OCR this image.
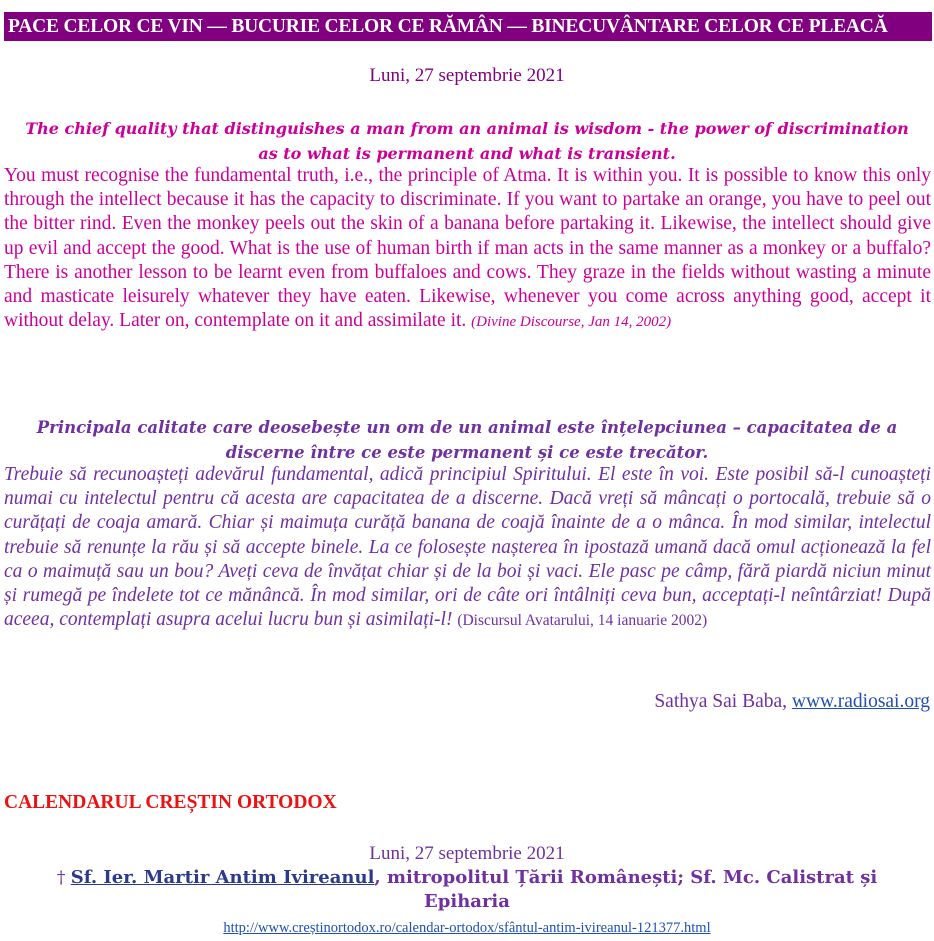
PACE CELOR CE VIN — BUCURIE CELOR CE RĂMÂN — BINECUVÂNTARE CELOR CE PLEACĂ
Luni, 27 septembrie 2021
The chief quality that distinguishes a man from an animal is wisdom - the power of discrimination as to what is permanent and what is transient.
You must recognise the fundamental truth, i.e., the principle of Atma. It is within you. It is possible to know this only through the intellect because it has the capacity to discriminate. If you want to partake an orange, you have to peel out the bitter rind. Even the monkey peels out the skin of a banana before partaking it. Likewise, the intellect should give up evil and accept the good. What is the use of human birth if man acts in the same manner as a monkey or a buffalo? There is another lesson to be learnt even from buffaloes and cows. They graze in the fields without wasting a minute and masticate leisurely whatever they have eaten. Likewise, whenever you come across anything good, accept it without delay. Later on, contemplate on it and assimilate it. (Divine Discourse, Jan 14, 2002)
Principala calitate care deosebește un om de un animal este înțelepciunea – capacitatea de a discerne între ce este permanent și ce este trecător.
Trebuie să recunoașteți adevărul fundamental, adică principiul Spiritului. El este în voi. Este posibil să-l cunoașteți numai cu intelectul pentru că acesta are capacitatea de a discerne. Dacă vreți să mâncați o portocală, trebuie să o curățați de coaja amară. Chiar și maimuța curăță banana de coajă înainte de a o mânca. În mod similar, intelectul trebuie să renunțe la rău și să accepte binele. La ce folosește nașterea în ipostază umană dacă omul acționează la fel ca o maimuță sau un bou? Aveți ceva de învățat chiar și de la boi și vaci. Ele pasc pe câmp, fără piardă niciun minut și rumegă pe îndelete tot ce mănâncă. În mod similar, ori de câte ori întâlniți ceva bun, acceptați-l neîntârziat! După aceea, contemplați asupra acelui lucru bun și asimilați-l! (Discursul Avatarului, 14 ianuarie 2002)
Sathya Sai Baba, www.radiosai.org
CALENDARUL CREȘTIN ORTODOX
Luni, 27 septembrie 2021
† Sf. Ier. Martir Antim Ivireanul, mitropolitul Țării Românești; Sf. Mc. Calistrat și Epiharia
http://www.creștinortodox.ro/calendar-ortodox/sfântul-antim-ivireanul-121377.html
